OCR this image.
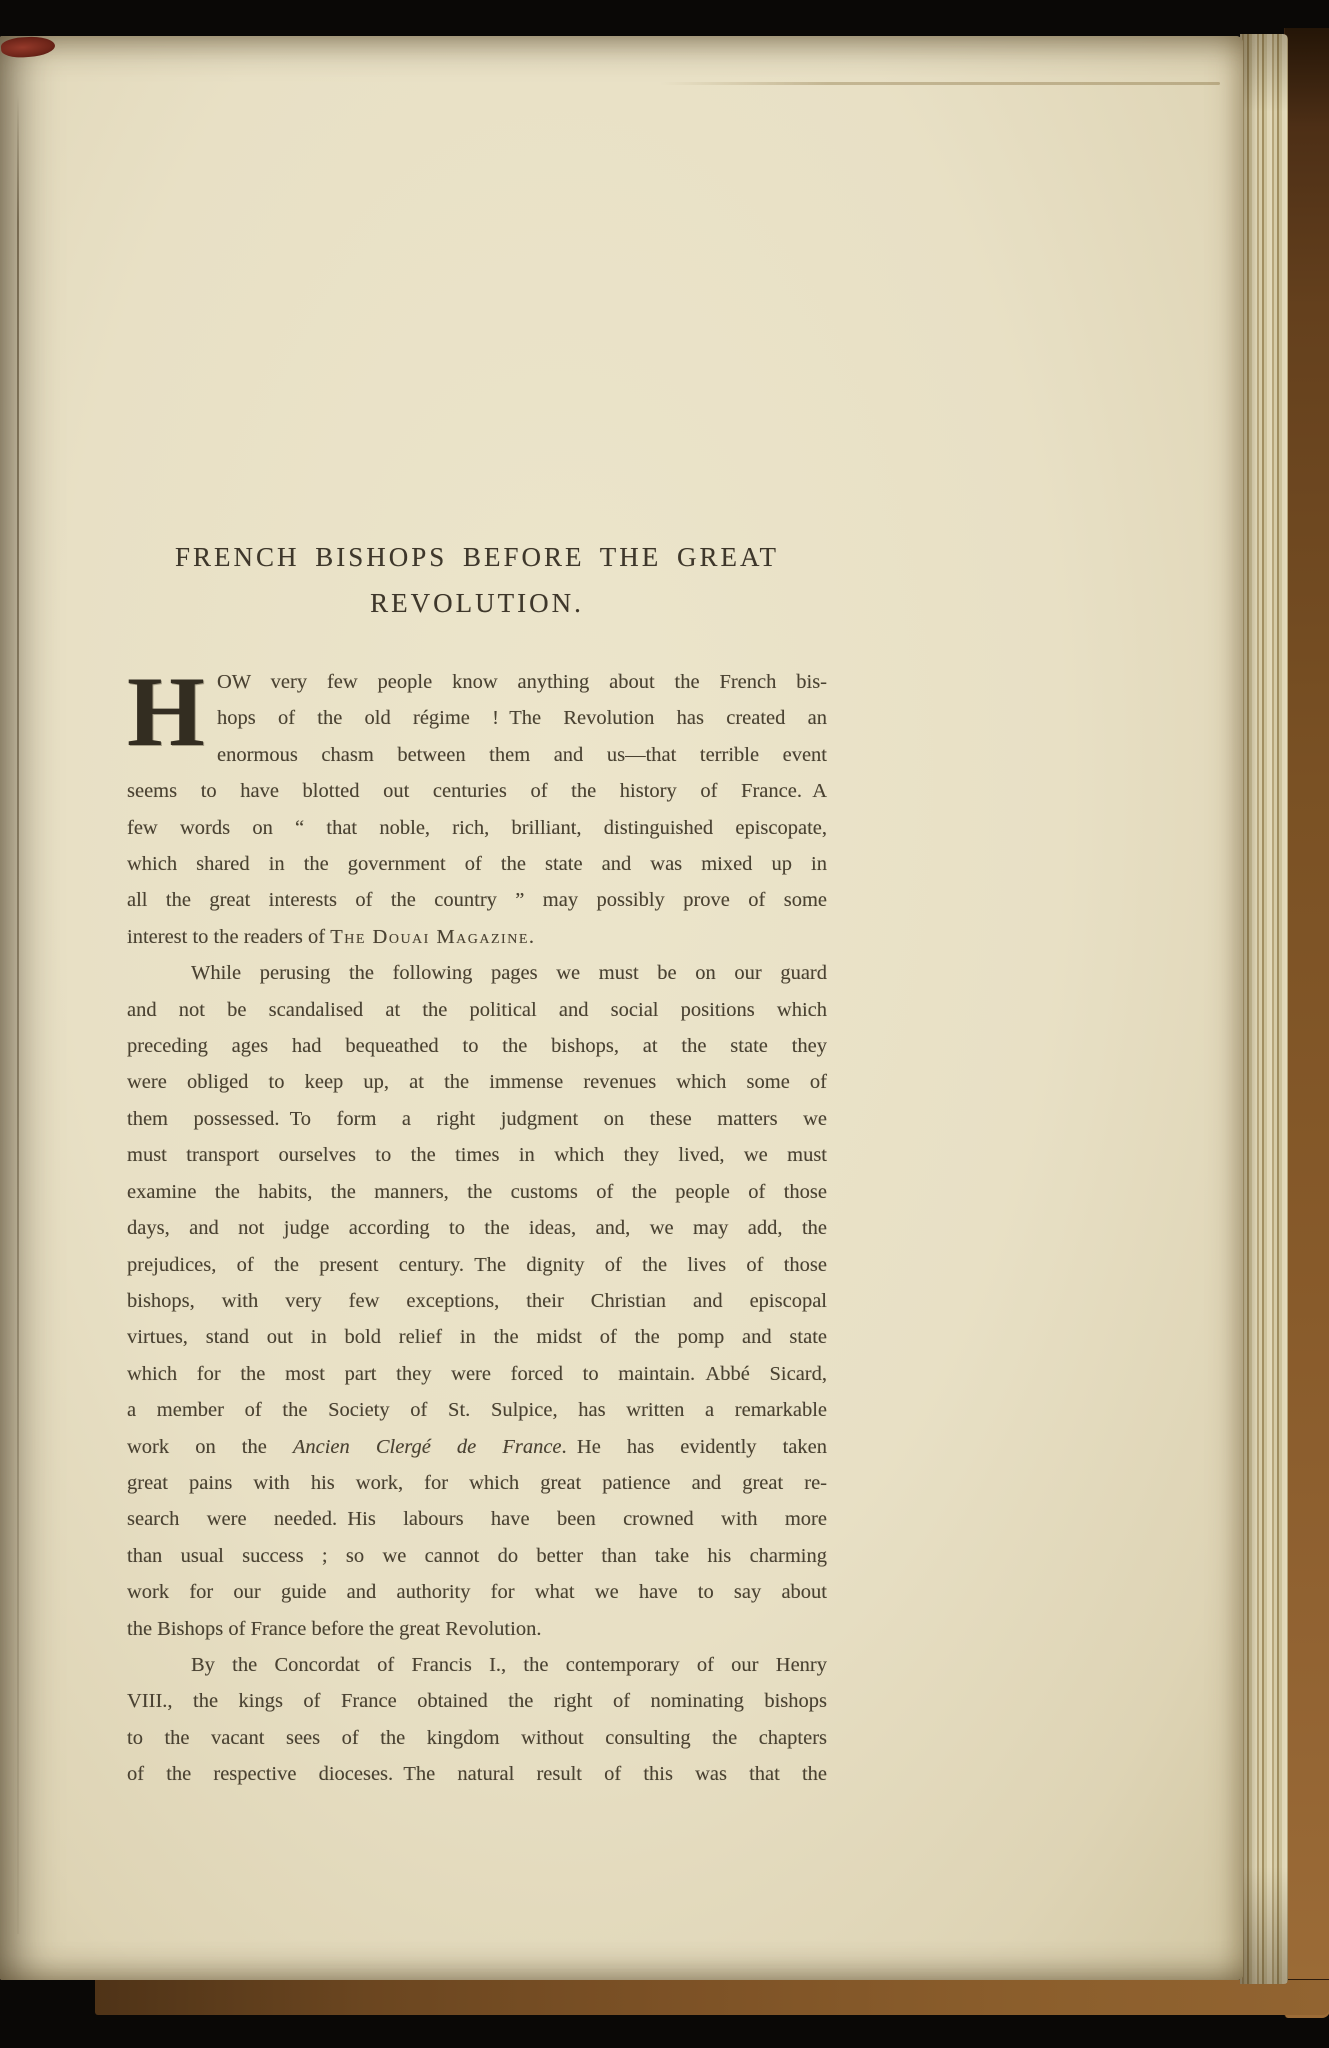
FRENCH BISHOPS BEFORE THE GREAT
REVOLUTION.
H OW very few people know anything about the French bis-
hops of the old régime ! The Revolution has created an
enormous chasm between them and us—that terrible event
seems to have blotted out centuries of the history of France. A
few words on “ that noble, rich, brilliant, distinguished episcopate,
which shared in the government of the state and was mixed up in
all the great interests of the country ” may possibly prove of some
interest to the readers of The Douai Magazine.
While perusing the following pages we must be on our guard
and not be scandalised at the political and social positions which
preceding ages had bequeathed to the bishops, at the state they
were obliged to keep up, at the immense revenues which some of
them possessed. To form a right judgment on these matters we
must transport ourselves to the times in which they lived, we must
examine the habits, the manners, the customs of the people of those
days, and not judge according to the ideas, and, we may add, the
prejudices, of the present century. The dignity of the lives of those
bishops, with very few exceptions, their Christian and episcopal
virtues, stand out in bold relief in the midst of the pomp and state
which for the most part they were forced to maintain. Abbé Sicard,
a member of the Society of St. Sulpice, has written a remarkable
work on the Ancien Clergé de France. He has evidently taken
great pains with his work, for which great patience and great re-
search were needed. His labours have been crowned with more
than usual success ; so we cannot do better than take his charming
work for our guide and authority for what we have to say about
the Bishops of France before the great Revolution.
By the Concordat of Francis I., the contemporary of our Henry
VIII., the kings of France obtained the right of nominating bishops
to the vacant sees of the kingdom without consulting the chapters
of the respective dioceses. The natural result of this was that the
